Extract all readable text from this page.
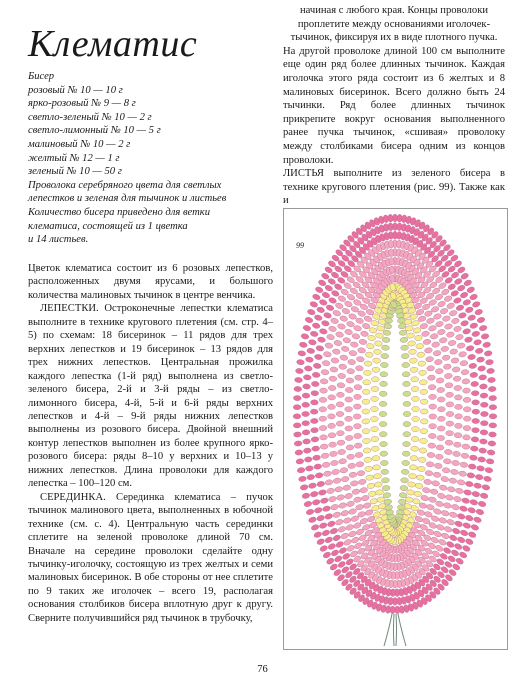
Клематис
Бисер
розовый № 10 — 10 г
ярко-розовый № 9 — 8 г
светло-зеленый № 10 — 2 г
светло-лимонный № 10 — 5 г
малиновый № 10 — 2 г
желтый № 12 — 1 г
зеленый № 10 — 50 г
Проволока серебряного цвета для светлых
лепестков и зеленая для тычинок и листьев
Количество бисера приведено для ветки
клематиса, состоящей из 1 цветка
и 14 листьев.

Цветок клематиса состоит из 6 розовых лепестков, расположенных двумя ярусами, и большого количества малиновых тычинок в центре венчика.

ЛЕПЕСТКИ. Остроконечные лепестки клематиса выполните в технике кругового плетения (см. стр. 4–5) по схемам: 18 бисеринок – 11 рядов для трех верхних лепестков и 19 бисеринок – 13 рядов для трех нижних лепестков. Центральная прожилка каждого лепестка (1-й ряд) выполнена из светло-зеленого бисера, 2-й и 3-й ряды – из светло-лимонного бисера, 4-й, 5-й и 6-й ряды верхних лепестков и 4-й – 9-й ряды нижних лепестков выполнены из розового бисера. Двойной внешний контур лепестков выполнен из более крупного ярко-розового бисера: ряды 8–10 у верхних и 10–13 у нижних лепестков. Длина проволоки для каждого лепестка – 100–120 см.

СЕРЕДИНКА. Серединка клематиса – пучок тычинок малинового цвета, выполненных в юбочной технике (см. с. 4). Центральную часть серединки сплетите на зеленой проволоке длиной 70 см. Вначале на середине проволоки сделайте одну тычинку-иголочку, состоящую из трех желтых и семи малиновых бисеринок. В обе стороны от нее сплетите по 9 таких же иголочек – всего 19, располагая основания столбиков бисера вплотную друг к другу. Сверните получившийся ряд тычинок в трубочку,

начиная с любого края. Концы проволоки проплетите между основаниями иголочек-тычинок, фиксируя их в виде плотного пучка.

На другой проволоке длиной 100 см выполните еще один ряд более длинных тычинок. Каждая иголочка этого ряда состоит из 6 желтых и 8 малиновых бисеринок. Всего должно быть 24 тычинки. Ряд более длинных тычинок прикрепите вокруг основания выполненного ранее пучка тычинок, «сшивая» проволоку между столбиками бисера одним из концов проволоки.

ЛИСТЬЯ выполните из зеленого бисера в технике кругового плетения (рис. 99). Также как и

99
76
